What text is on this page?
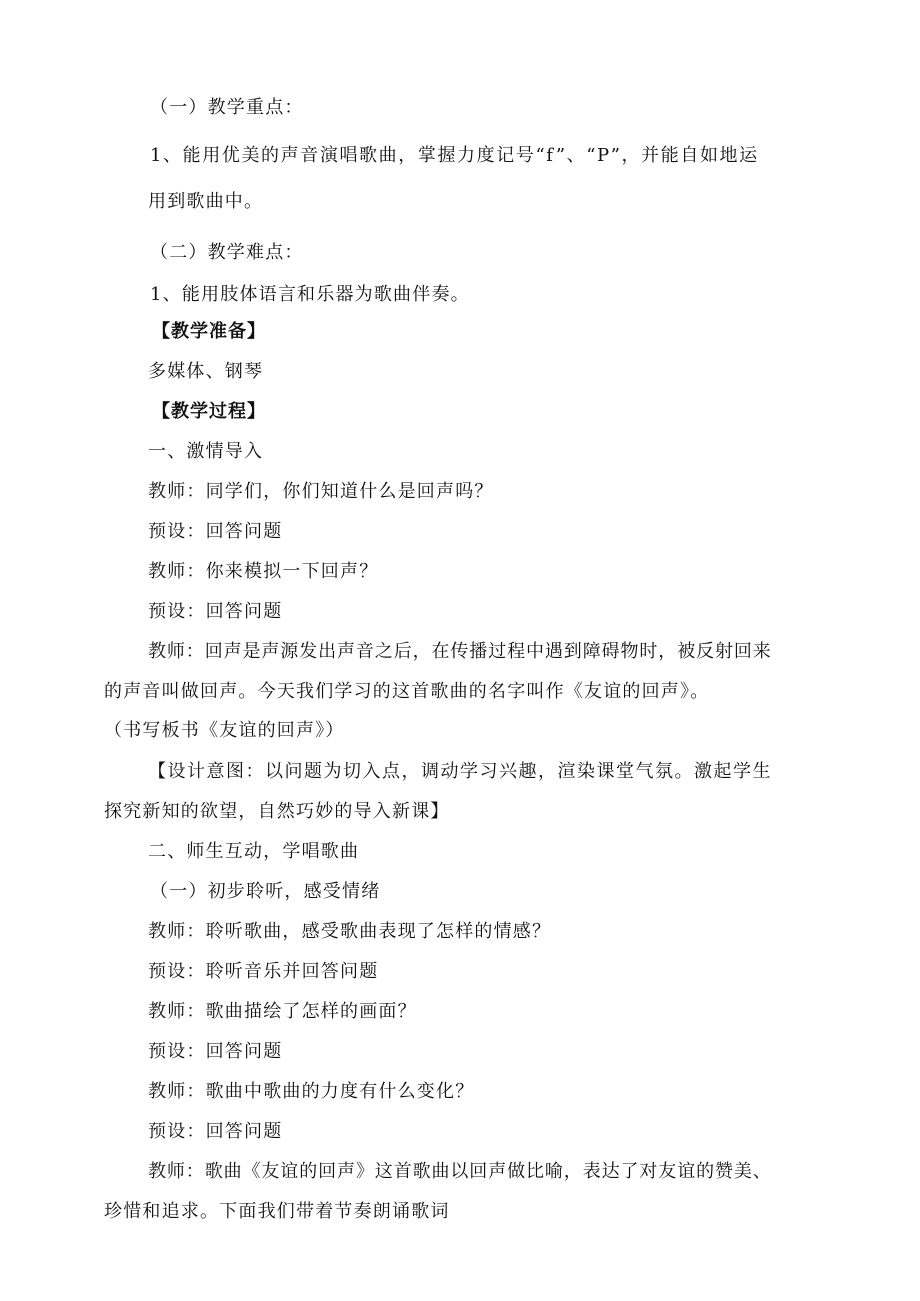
（一）教学重点：
1、能用优美的声音演唱歌曲，掌握力度记号“f”、“P”，并能自如地运
用到歌曲中。
（二）教学难点：
1、能用肢体语言和乐器为歌曲伴奏。
【教学准备】
多媒体、钢琴
【教学过程】
一、激情导入
教师：同学们，你们知道什么是回声吗？
预设：回答问题
教师：你来模拟一下回声？
预设：回答问题
教师：回声是声源发出声音之后，在传播过程中遇到障碍物时，被反射回来
的声音叫做回声。今天我们学习的这首歌曲的名字叫作《友谊的回声》。
（书写板书《友谊的回声》）
【设计意图：以问题为切入点，调动学习兴趣，渲染课堂气氛。激起学生
探究新知的欲望，自然巧妙的导入新课】
二、师生互动，学唱歌曲
（一）初步聆听，感受情绪
教师：聆听歌曲，感受歌曲表现了怎样的情感？
预设：聆听音乐并回答问题
教师：歌曲描绘了怎样的画面？
预设：回答问题
教师：歌曲中歌曲的力度有什么变化？
预设：回答问题
教师：歌曲《友谊的回声》这首歌曲以回声做比喻，表达了对友谊的赞美、
珍惜和追求。下面我们带着节奏朗诵歌词
